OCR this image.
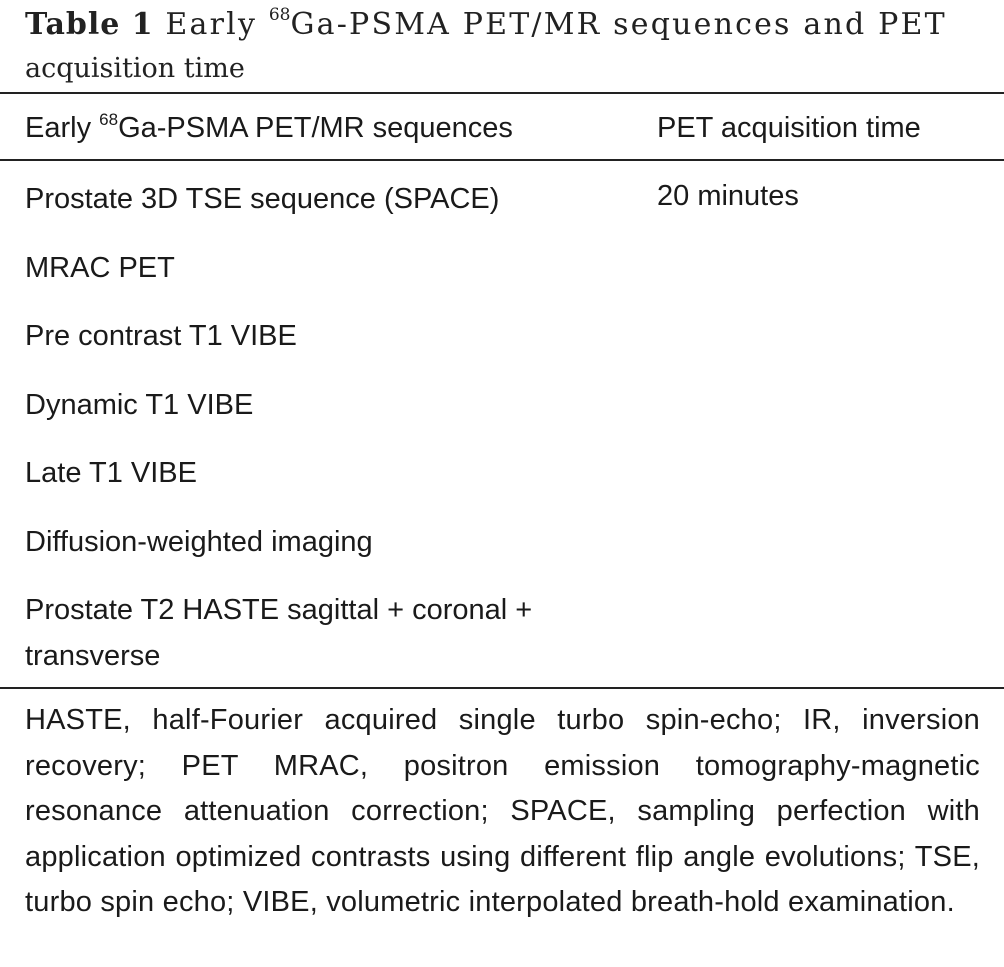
Table 1 Early $^{68}$Ga-PSMA PET/MR sequences and PET
acquisition time
Early $^{68}$Ga-PSMA PET/MR sequences	PET acquisition time
Prostate 3D TSE sequence (SPACE)
MRAC PET
Pre contrast T1 VIBE
Dynamic T1 VIBE
Late T1 VIBE
Diffusion-weighted imaging
Prostate T2 HASTE sagittal + coronal + transverse
20 minutes
HASTE, half-Fourier acquired single turbo spin-echo; IR, inversion recovery; PET MRAC, positron emission tomography-magnetic resonance attenuation correction; SPACE, sampling perfection with application optimized contrasts using different flip angle evolutions; TSE, turbo spin echo; VIBE, volumetric interpolated breath-hold examination.
